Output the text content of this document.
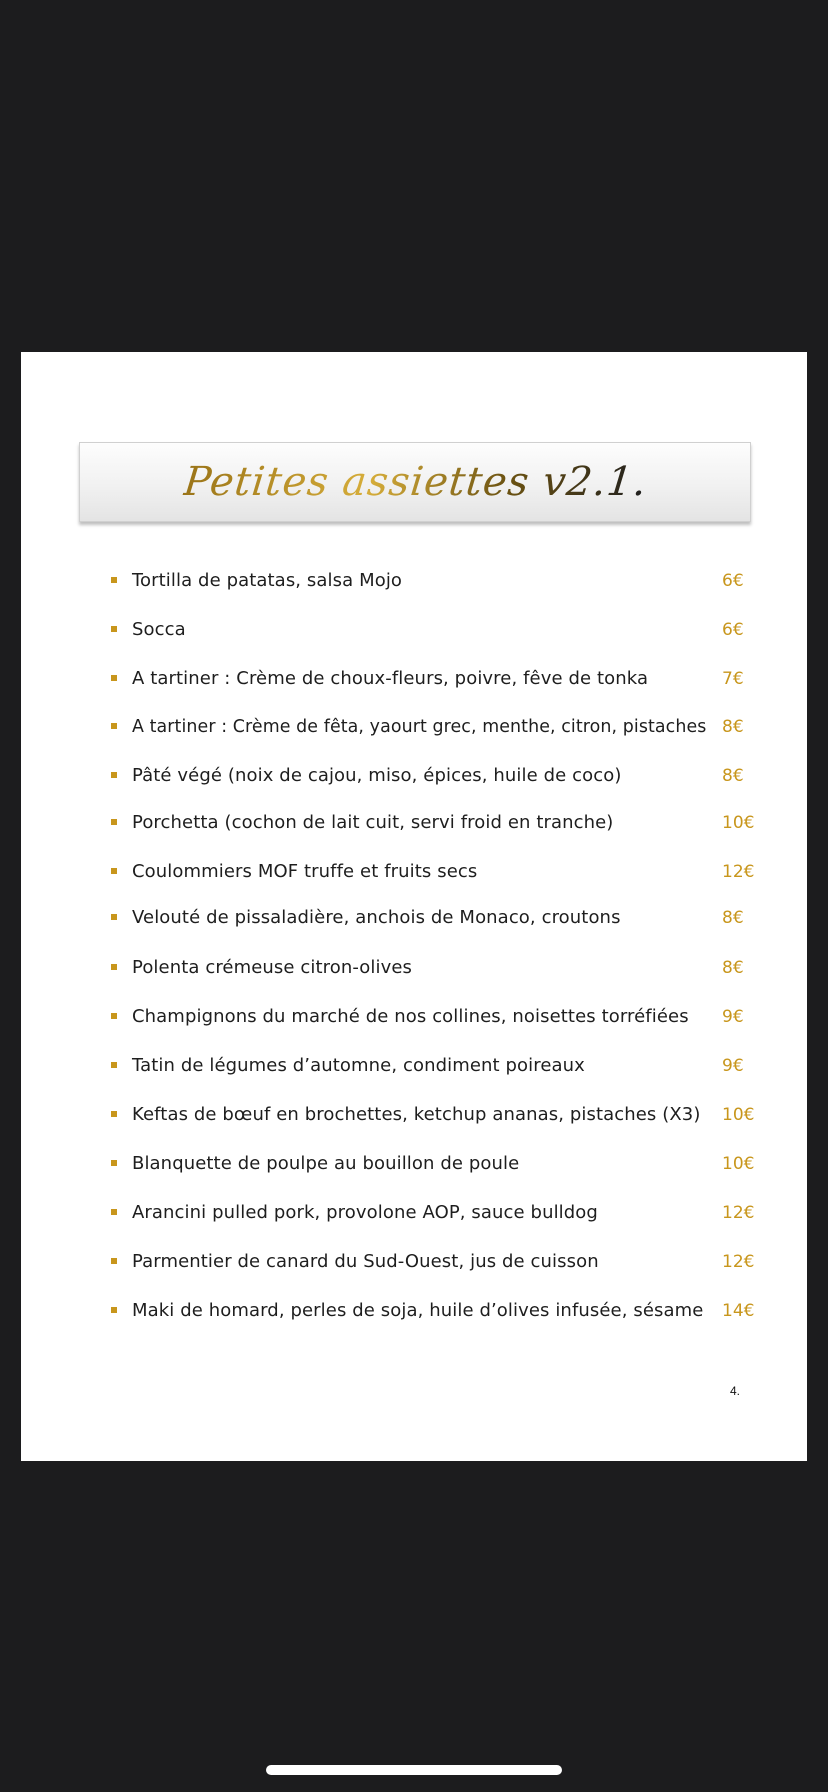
Petites assiettes v2.1.
Tortilla de patatas, salsa Mojo	6€
Socca	6€
A tartiner : Crème de choux-fleurs, poivre, fêve de tonka	7€
A tartiner : Crème de fêta, yaourt grec, menthe, citron, pistaches 8€
Pâté végé (noix de cajou, miso, épices, huile de coco)	8€
Porchetta (cochon de lait cuit, servi froid en tranche)	10€
Coulommiers MOF truffe et fruits secs	12€
Velouté de pissaladière, anchois de Monaco, croutons	8€
Polenta crémeuse citron-olives	8€
Champignons du marché de nos collines, noisettes torréfiées 9€
Tatin de légumes d’automne, condiment poireaux	9€
Keftas de bœuf en brochettes, ketchup ananas, pistaches (X3) 10€
Blanquette de poulpe au bouillon de poule	10€
Arancini pulled pork, provolone AOP, sauce bulldog	12€
Parmentier de canard du Sud-Ouest, jus de cuisson	12€
Maki de homard, perles de soja, huile d’olives infusée, sésame 14€
4.
